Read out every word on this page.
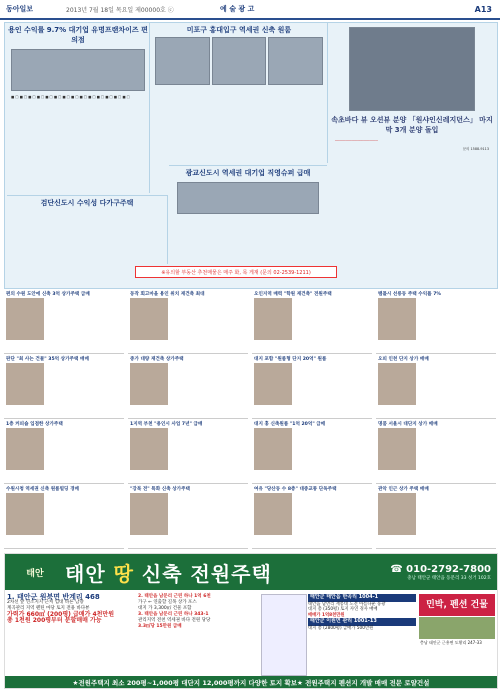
동아일보	2013년 7월 18일 목요일 제00000호 ⓒ	예 술 광 고	A13
용인 수익률 9.7% 대기업 유명프랜차이즈 편의점
■ □ ■ □ ■ □ ■ □ ■ □ ■ □ ■ □ ■ □ ■ □ ■ □ ■ □ ■ □ ■ □ ■ □
미포구 홍대입구 역세권 신축 원룸
속초바다 뷰 오션뷰 분양 「원샤인신레지던스」 마지막 3개 분양 돌입
─────────────────────
문의 1588-9113
검단신도시 수익성 다가구주택
광교신도시 역세권 대기업 직영슈퍼 급매
※유의할 부동산 추천매물은 매주 화, 목 게재 (문의 02-2539-1211)
편의 수원 도안에 신축 3억 상가주택 급매	동작 회고마을 용인 위치 재건축 최대	오인지역 매력 "학원 재건축" 전원주택	뱀틀시 선릉동 주택 수익률 7%
판단 "최 사는 건물" 35억 상가주택 매매	중가 대량 재건축 상가주택	대지 포함 "원룸형 단지 20억" 원룸	오피 인천 단지 상가 매매
1층 커피숍 입점한 상가주택	1지역 부천 "용인시 사업 7년" 급매	대지 홍 신축원룸 "1억 20억" 급매	명품 서울시 대단지 상가 매매
수원시청 역세권 신축 원룸빌딩 경매	"강북 전" 특화 신축 상가주택	여유 "당산동 수 8층" 대중교통 단독주택	관악 인근 상가 주택 매매
태안	태안 땅 신축 전원주택	☎ 010-2792-7800
충남 태안군 태안읍 동문리 33 성거 102호
1. 태안군 원북면 반계리 468
2차선 앞 연소지지 근처 임대 바른 남향
계곡관리 지역 펜틴 마당 토지 전용 바다뷰
가력가 660㎡ (200평) 급매가 4천만원
총 1천원 200평부터 분할매매 가능
2. 태안읍 남문리 근린 하나 1억 6천
가구 ← 연출할 길목 상가 포스
대지 가 3,300㎡ 건물 포함
3. 태안읍 남문리 근린 하나 343-1
관리지역 전천 역세권 바다 전원 당당
3.3㎡당 15만원 급매
태안군 태안읍 반곡리 1004-1
태안읍 남면리 재봉대 도전 아름다운 풍광
대지 총 (350평) 토지 자연 경사 매매
매매가 1억8천만원
태안군 이원면 관리 1001-13
대지 총 (2800평) 급매가 500만원
민박, 펜션 건물
충남 태안군 근흥면 도황리 247-33
★전원주택지 최소 200평~1,000평 대단지 12,000평까지 다양한 토지 확보★ 전원주택지 펜션지 개발 매매 전문 로얄건설
